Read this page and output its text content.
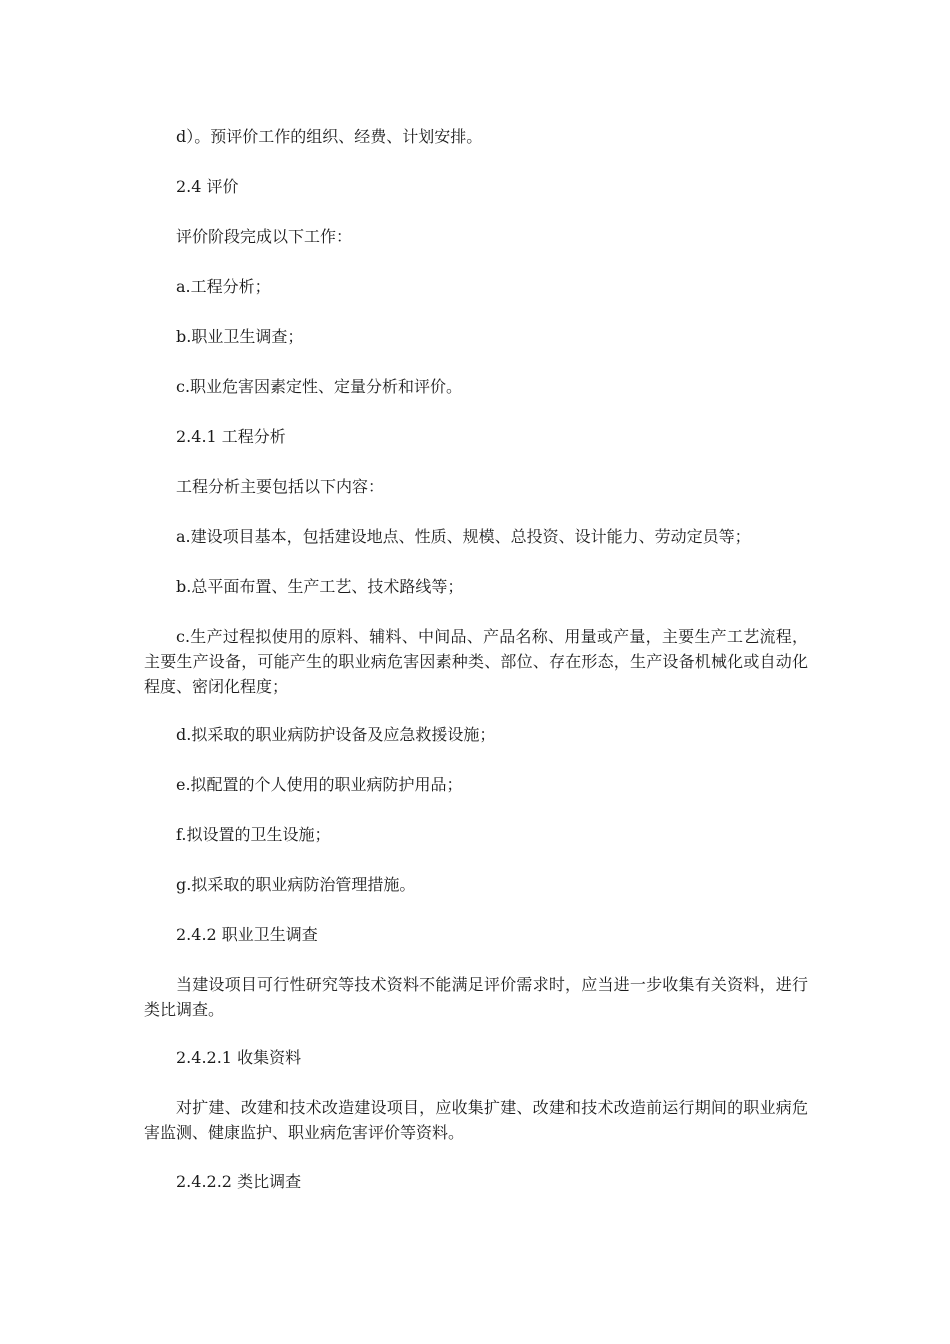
d）。预评价工作的组织、经费、计划安排。

2.4 评价

评价阶段完成以下工作：

a.工程分析；

b.职业卫生调查；

c.职业危害因素定性、定量分析和评价。

2.4.1 工程分析

工程分析主要包括以下内容：

a.建设项目基本，包括建设地点、性质、规模、总投资、设计能力、劳动定员等；

b.总平面布置、生产工艺、技术路线等；

c.生产过程拟使用的原料、辅料、中间品、产品名称、用量或产量，主要生产工艺流程，主要生产设备，可能产生的职业病危害因素种类、部位、存在形态，生产设备机械化或自动化程度、密闭化程度；

d.拟采取的职业病防护设备及应急救援设施；

e.拟配置的个人使用的职业病防护用品；

f.拟设置的卫生设施；

g.拟采取的职业病防治管理措施。

2.4.2 职业卫生调查

当建设项目可行性研究等技术资料不能满足评价需求时，应当进一步收集有关资料，进行类比调查。

2.4.2.1 收集资料

对扩建、改建和技术改造建设项目，应收集扩建、改建和技术改造前运行期间的职业病危害监测、健康监护、职业病危害评价等资料。

2.4.2.2 类比调查
